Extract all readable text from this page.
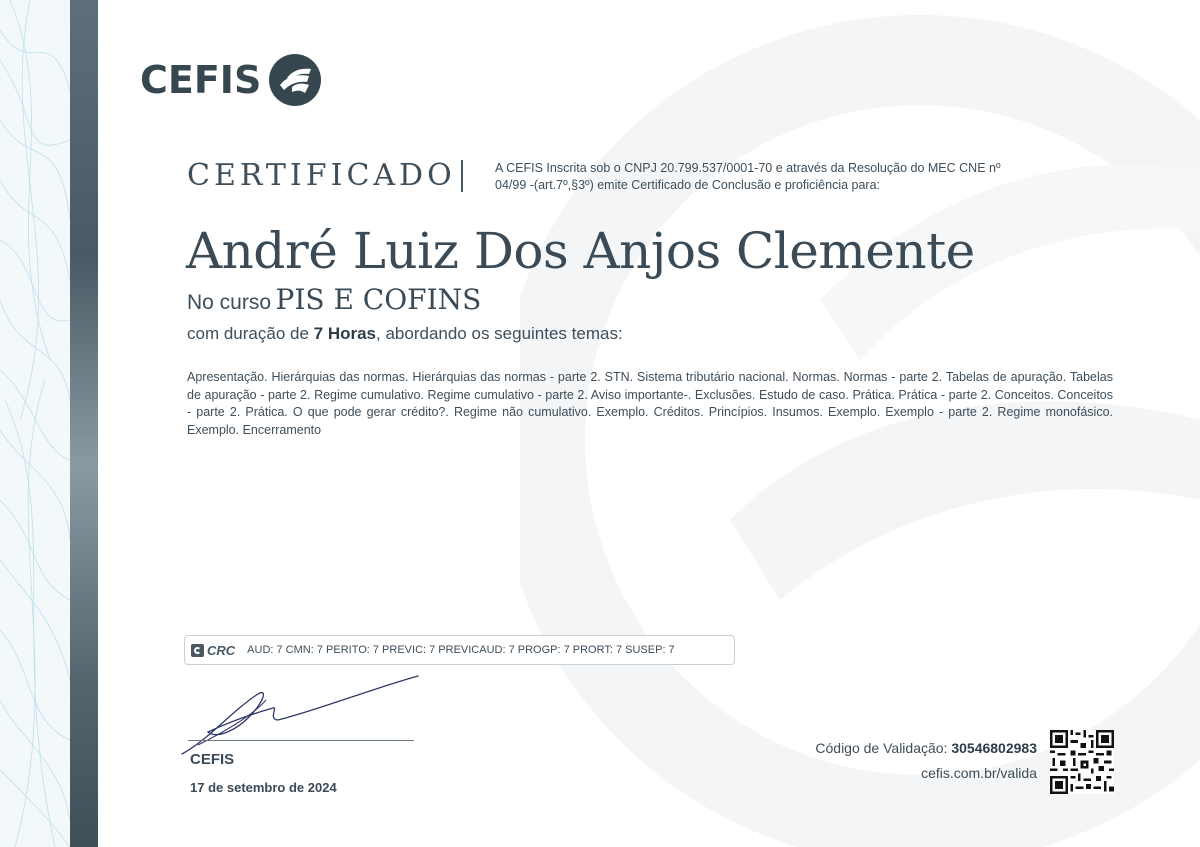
CEFIS
CERTIFICADO	A CEFIS Inscrita sob o CNPJ 20.799.537/0001-70 e através da Resolução do MEC CNE nº 04/99 -(art.7º,§3º) emite Certificado de Conclusão e proficiência para:
André Luiz Dos Anjos Clemente
No curso PIS E COFINS
com duração de 7 Horas, abordando os seguintes temas:
Apresentação. Hierárquias das normas. Hierárquias das normas - parte 2. STN. Sistema tributário nacional. Normas. Normas - parte 2. Tabelas de apuração. Tabelas de apuração - parte 2. Regime cumulativo. Regime cumulativo - parte 2. Aviso importante-. Exclusões. Estudo de caso. Prática. Prática - parte 2. Conceitos. Conceitos - parte 2. Prática. O que pode gerar crédito?. Regime não cumulativo. Exemplo. Créditos. Princípios. Insumos. Exemplo. Exemplo - parte 2. Regime monofásico. Exemplo. Encerramento
CRC AUD: 7 CMN: 7 PERITO: 7 PREVIC: 7 PREVICAUD: 7 PROGP: 7 PRORT: 7 SUSEP: 7
CEFIS
17 de setembro de 2024
Código de Validação: 30546802983
cefis.com.br/valida
